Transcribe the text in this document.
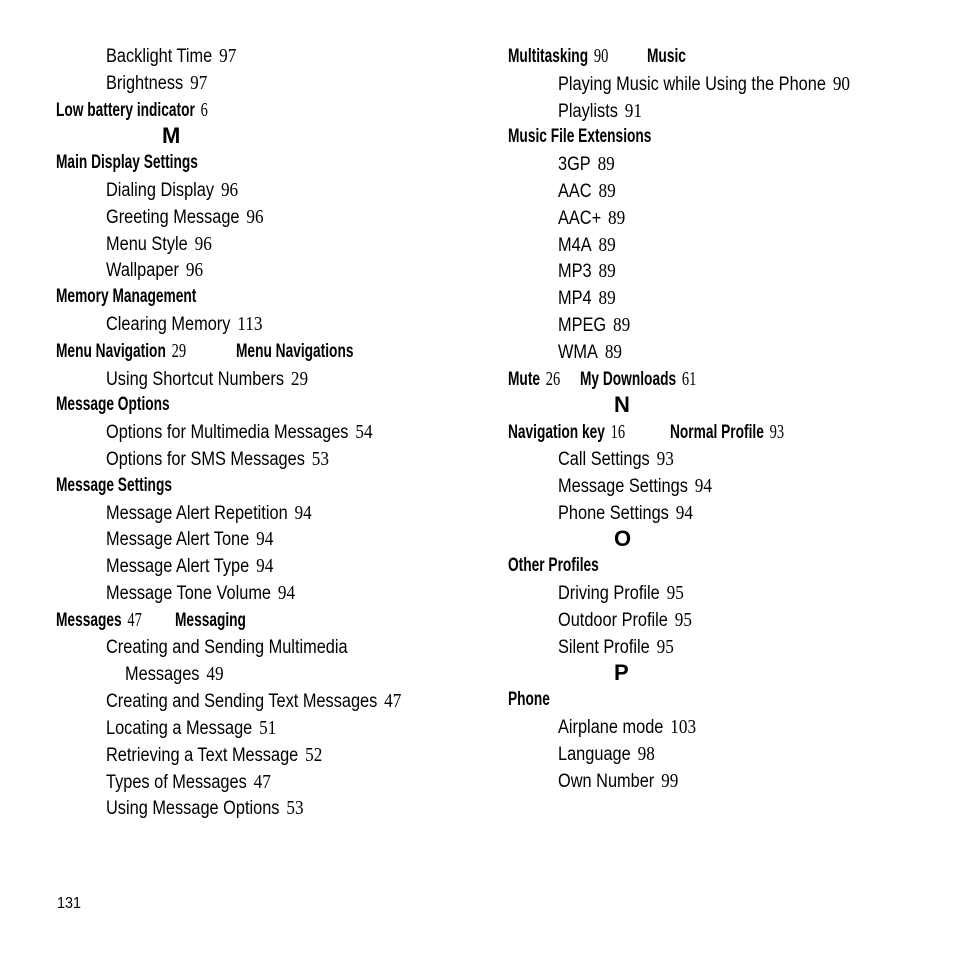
Backlight Time 97
Brightness 97
Low battery indicator 6
M
Main Display Settings
Dialing Display 96
Greeting Message 96
Menu Style 96
Wallpaper 96
Memory Management
Clearing Memory 113
Menu Navigation 29	Menu Navigations
Using Shortcut Numbers 29
Message Options
Options for Multimedia Messages 54
Options for SMS Messages 53
Message Settings
Message Alert Repetition 94
Message Alert Tone 94
Message Alert Type 94
Message Tone Volume 94
Messages 47 Messaging
Creating and Sending Multimedia
Messages 49
Creating and Sending Text Messages 47
Locating a Message 51
Retrieving a Text Message 52
Types of Messages 47
Using Message Options 53
Multitasking 90 Music
Playing Music while Using the Phone 90
Playlists 91
Music File Extensions
3GP 89
AAC 89
AAC+ 89
M4A 89
MP3 89
MP4 89
MPEG 89
WMA 89
Mute 26 My Downloads 61
N
Navigation key 16 Normal Profile 93
Call Settings 93
Message Settings 94
Phone Settings 94
O
Other Profiles
Driving Profile 95
Outdoor Profile 95
Silent Profile 95
P
Phone
Airplane mode 103
Language 98
Own Number 99
131
